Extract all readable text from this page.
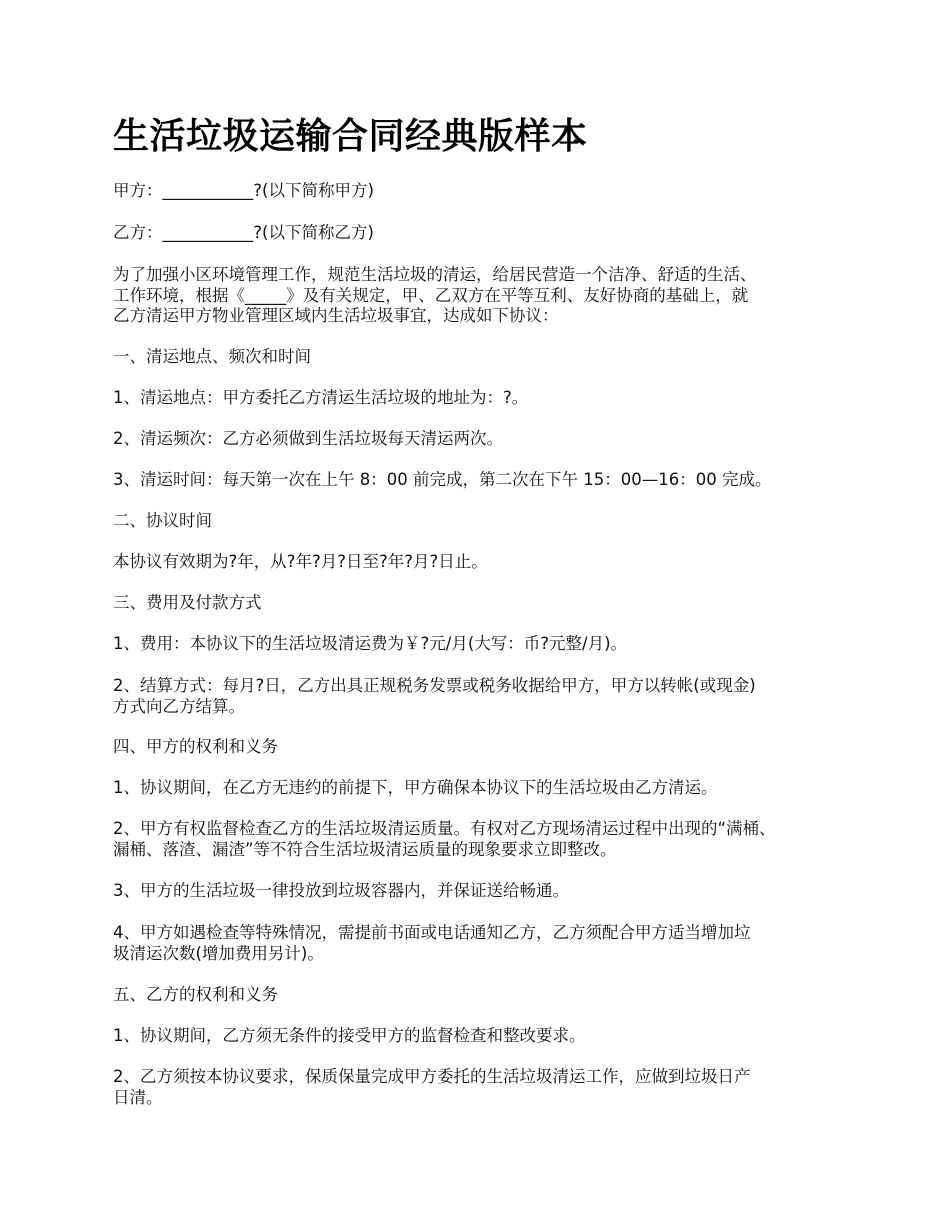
生活垃圾运输合同经典版样本

甲方：___________?(以下简称甲方)

乙方：___________?(以下简称乙方)

为了加强小区环境管理工作，规范生活垃圾的清运，给居民营造一个洁净、舒适的生活、
工作环境，根据《_____》及有关规定，甲、乙双方在平等互利、友好协商的基础上，就
乙方清运甲方物业管理区域内生活垃圾事宜，达成如下协议：

一、清运地点、频次和时间

1、清运地点：甲方委托乙方清运生活垃圾的地址为：?。

2、清运频次：乙方必须做到生活垃圾每天清运两次。

3、清运时间：每天第一次在上午 8：00 前完成，第二次在下午 15：00—16：00 完成。

二、协议时间

本协议有效期为?年，从?年?月?日至?年?月?日止。

三、费用及付款方式

1、费用：本协议下的生活垃圾清运费为￥?元/月(大写：币?元整/月)。

2、结算方式：每月?日，乙方出具正规税务发票或税务收据给甲方，甲方以转帐(或现金)
方式向乙方结算。

四、甲方的权利和义务

1、协议期间，在乙方无违约的前提下，甲方确保本协议下的生活垃圾由乙方清运。

2、甲方有权监督检查乙方的生活垃圾清运质量。有权对乙方现场清运过程中出现的“满桶、
漏桶、落渣、漏渣”等不符合生活垃圾清运质量的现象要求立即整改。

3、甲方的生活垃圾一律投放到垃圾容器内，并保证送给畅通。

4、甲方如遇检查等特殊情况，需提前书面或电话通知乙方，乙方须配合甲方适当增加垃
圾清运次数(增加费用另计)。

五、乙方的权利和义务

1、协议期间，乙方须无条件的接受甲方的监督检查和整改要求。

2、乙方须按本协议要求，保质保量完成甲方委托的生活垃圾清运工作，应做到垃圾日产
日清。
